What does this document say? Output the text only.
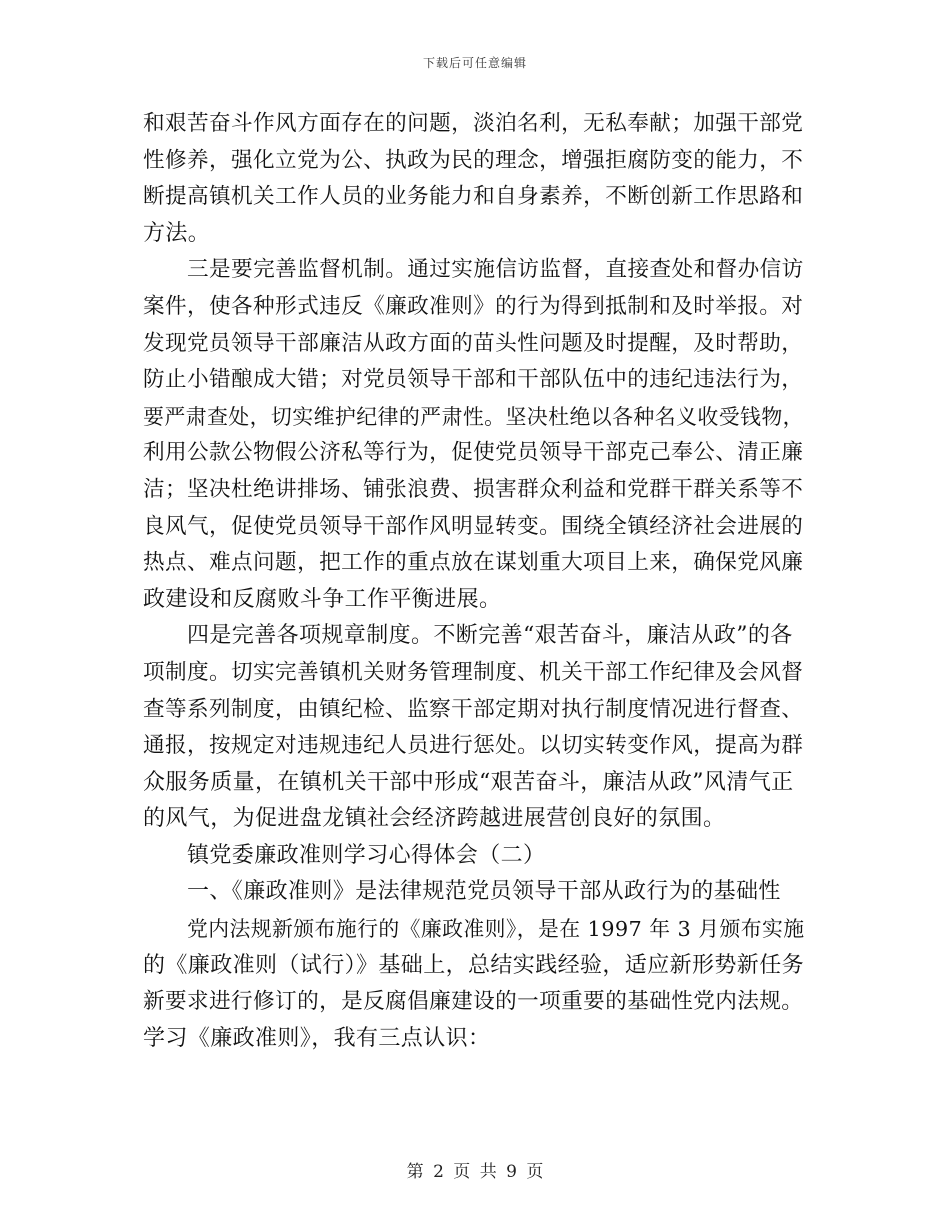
下载后可任意编辑
和艰苦奋斗作风方面存在的问题，淡泊名利，无私奉献；加强干部党
性修养，强化立党为公、执政为民的理念，增强拒腐防变的能力，不
断提高镇机关工作人员的业务能力和自身素养，不断创新工作思路和
方法。
三是要完善监督机制。通过实施信访监督，直接查处和督办信访
案件，使各种形式违反《廉政准则》的行为得到抵制和及时举报。对
发现党员领导干部廉洁从政方面的苗头性问题及时提醒，及时帮助，
防止小错酿成大错；对党员领导干部和干部队伍中的违纪违法行为，
要严肃查处，切实维护纪律的严肃性。坚决杜绝以各种名义收受钱物，
利用公款公物假公济私等行为，促使党员领导干部克己奉公、清正廉
洁；坚决杜绝讲排场、铺张浪费、损害群众利益和党群干群关系等不
良风气，促使党员领导干部作风明显转变。围绕全镇经济社会进展的
热点、难点问题，把工作的重点放在谋划重大项目上来，确保党风廉
政建设和反腐败斗争工作平衡进展。
四是完善各项规章制度。不断完善“艰苦奋斗，廉洁从政”的各
项制度。切实完善镇机关财务管理制度、机关干部工作纪律及会风督
查等系列制度，由镇纪检、监察干部定期对执行制度情况进行督查、
通报，按规定对违规违纪人员进行惩处。以切实转变作风，提高为群
众服务质量，在镇机关干部中形成“艰苦奋斗，廉洁从政”风清气正
的风气，为促进盘龙镇社会经济跨越进展营创良好的氛围。
镇党委廉政准则学习心得体会（二）
一、《廉政准则》是法律规范党员领导干部从政行为的基础性
党内法规新颁布施行的《廉政准则》，是在 1997 年 3 月颁布实施
的《廉政准则（试行）》基础上，总结实践经验，适应新形势新任务
新要求进行修订的，是反腐倡廉建设的一项重要的基础性党内法规。
学习《廉政准则》，我有三点认识：
第 2 页 共 9 页
